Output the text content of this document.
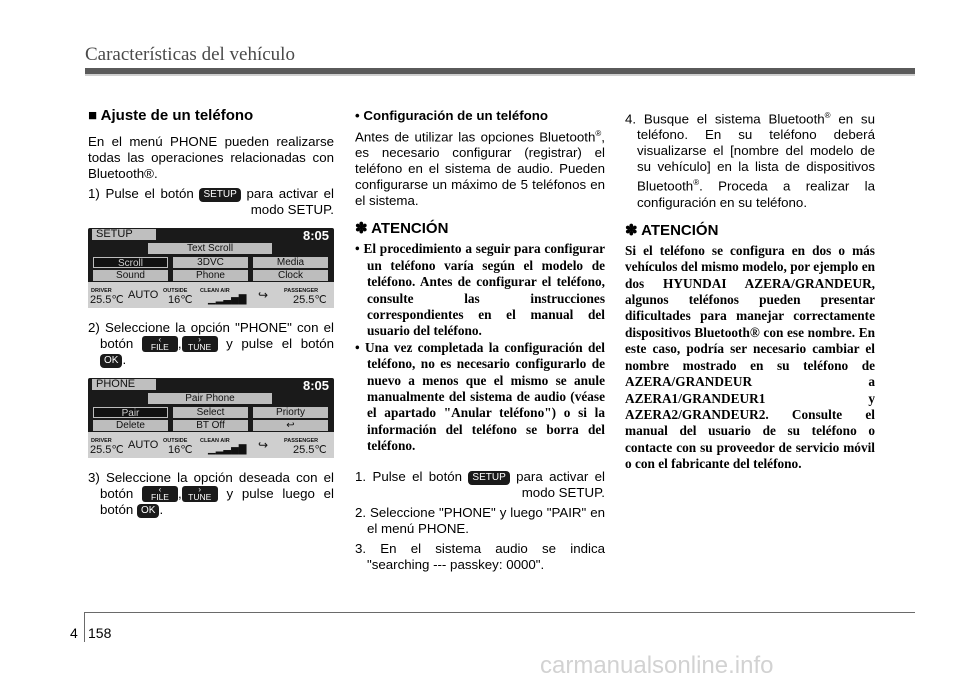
Características del vehículo

■ Ajuste de un teléfono

En el menú PHONE pueden realizarse todas las operaciones relacionadas con Bluetooth®.

1) Pulse el botón SETUP para activar el modo SETUP.

SETUP	8:05
Text Scroll
Scroll	3DVC	Media
Sound	Phone	Clock
DRIVER
25.5℃ AUTO OUTSIDE
16℃
CLEAN AIR
▁▂▃▅▇ ↪	PASSENGER
25.5℃

2) Seleccione la opción "PHONE" con el botón	‹
FILE ,	›
TUNE y pulse el botón OK .

PHONE	8:05
Pair Phone
Pair	Select	Priorty
Delete	BT Off	↩
DRIVER
25.5℃ AUTO OUTSIDE
16℃
CLEAN AIR
▁▂▃▅▇ ↪	PASSENGER
25.5℃

3) Seleccione la opción deseada con el botón	‹
FILE ,	›
TUNE y pulse luego el botón OK .

• Configuración de un teléfono

Antes de utilizar las opciones Bluetooth®, es necesario configurar (registrar) el teléfono en el sistema de audio. Pueden configurarse un máximo de 5 teléfonos en el sistema.

✽ ATENCIÓN

• El procedimiento a seguir para configurar un teléfono varía según el modelo de teléfono. Antes de configurar el teléfono, consulte las instrucciones correspondientes en el manual del usuario del teléfono.

• Una vez completada la configuración del teléfono, no es necesario configurarlo de nuevo a menos que el mismo se anule manualmente del sistema de audio (véase el apartado "Anular teléfono") o si la información del teléfono se borra del teléfono.

1. Pulse el botón SETUP para activar el modo SETUP.

2. Seleccione "PHONE" y luego "PAIR" en el menú PHONE.

3. En el sistema audio se indica "searching --- passkey: 0000".

4. Busque el sistema Bluetooth® en su teléfono. En su teléfono deberá visualizarse el [nombre del modelo de su vehículo] en la lista de dispositivos Bluetooth®. Proceda a realizar la configuración en su teléfono.

✽ ATENCIÓN

Si el teléfono se configura en dos o más vehículos del mismo modelo, por ejemplo en dos HYUNDAI AZERA/GRANDEUR, algunos teléfonos pueden presentar dificultades para manejar correctamente dispositivos Bluetooth® con ese nombre. En este caso, podría ser necesario cambiar el nombre mostrado en su teléfono de AZERA/GRANDEUR a AZERA1/GRANDEUR1 y AZERA2/GRANDEUR2. Consulte el manual del usuario de su teléfono o contacte con su proveedor de servicio móvil o con el fabricante del teléfono.

4 158
carmanualsonline.info
